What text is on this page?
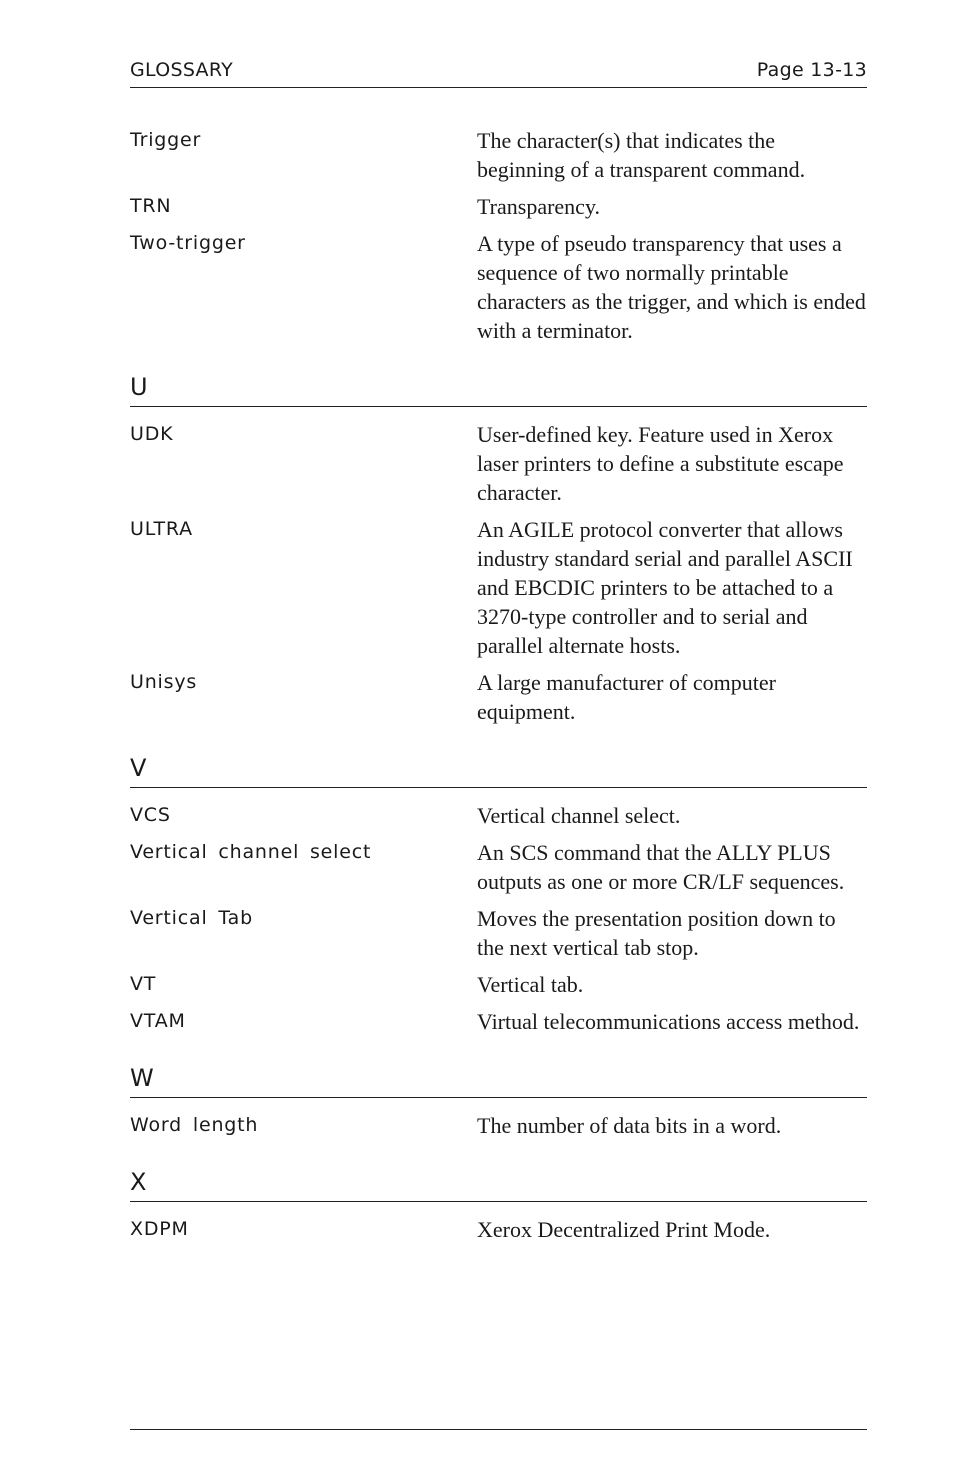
GLOSSARY	Page 13-13
Trigger	The character(s) that indicates the beginning of a transparent command.
TRN	Transparency.
Two-trigger	A type of pseudo transparency that uses a sequence of two normally printable characters as the trigger, and which is ended with a terminator.
U
UDK	User-defined key. Feature used in Xerox laser printers to define a substitute escape character.
ULTRA	An AGILE protocol converter that allows industry standard serial and parallel ASCII and EBCDIC printers to be attached to a 3270-type controller and to serial and parallel alternate hosts.
Unisys	A large manufacturer of computer equipment.
V
VCS	Vertical channel select.
Vertical channel select	An SCS command that the ALLY PLUS outputs as one or more CR/LF sequences.
Vertical Tab	Moves the presentation position down to the next vertical tab stop.
VT	Vertical tab.
VTAM	Virtual telecommunications access method.
W
Word length	The number of data bits in a word.
X
XDPM	Xerox Decentralized Print Mode.
